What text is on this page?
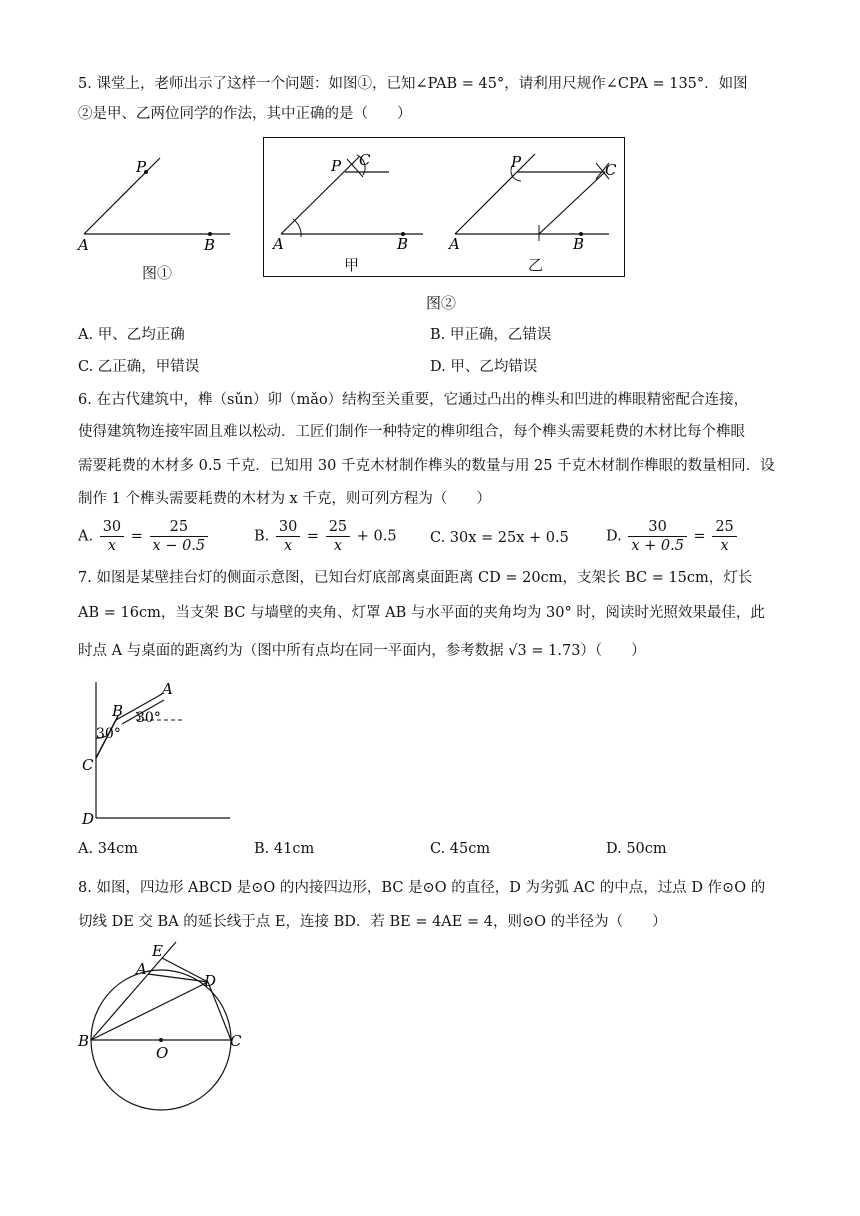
5. 课堂上，老师出示了这样一个问题：如图①，已知∠PAB = 45°，请利用尺规作∠CPA = 135°．如图
②是甲、乙两位同学的作法，其中正确的是（　　）
P
A	B
图①
P C
A	B
P	C
A	B
甲	乙
图②
A. 甲、乙均正确	B. 甲正确，乙错误
C. 乙正确，甲错误	D. 甲、乙均错误
6. 在古代建筑中，榫（sǔn）卯（mǎo）结构至关重要，它通过凸出的榫头和凹进的榫眼精密配合连接，
使得建筑物连接牢固且难以松动．工匠们制作一种特定的榫卯组合，每个榫头需要耗费的木材比每个榫眼
需要耗费的木材多 0.5 千克．已知用 30 千克木材制作榫头的数量与用 25 千克木材制作榫眼的数量相同．设
制作 1 个榫头需要耗费的木材为 x 千克，则可列方程为（　　）
A. $\frac{30}{x} = \frac{25}{x - 0.5}$	B. $\frac{30}{x} = \frac{25}{x} + 0.5$ C. 30x = 25x + 0.5	D. $\frac{30}{x + 0.5} = \frac{25}{x}$
7. 如图是某壁挂台灯的侧面示意图，已知台灯底部离桌面距离 CD = 20cm，支架长 BC = 15cm，灯长
AB = 16cm，当支架 BC 与墙壁的夹角、灯罩 AB 与水平面的夹角均为 30° 时，阅读时光照效果最佳，此
时点 A 与桌面的距离约为（图中所有点均在同一平面内，参考数据 √3 = 1.73）（　　）
A
B
C
D
30°
30°
A. 34cm	B. 41cm	C. 45cm	D. 50cm
8. 如图，四边形 ABCD 是⊙O 的内接四边形，BC 是⊙O 的直径，D 为劣弧 AC 的中点，过点 D 作⊙O 的
切线 DE 交 BA 的延长线于点 E，连接 BD．若 BE = 4AE = 4，则⊙O 的半径为（　　）
E
A
D
B
O
C
